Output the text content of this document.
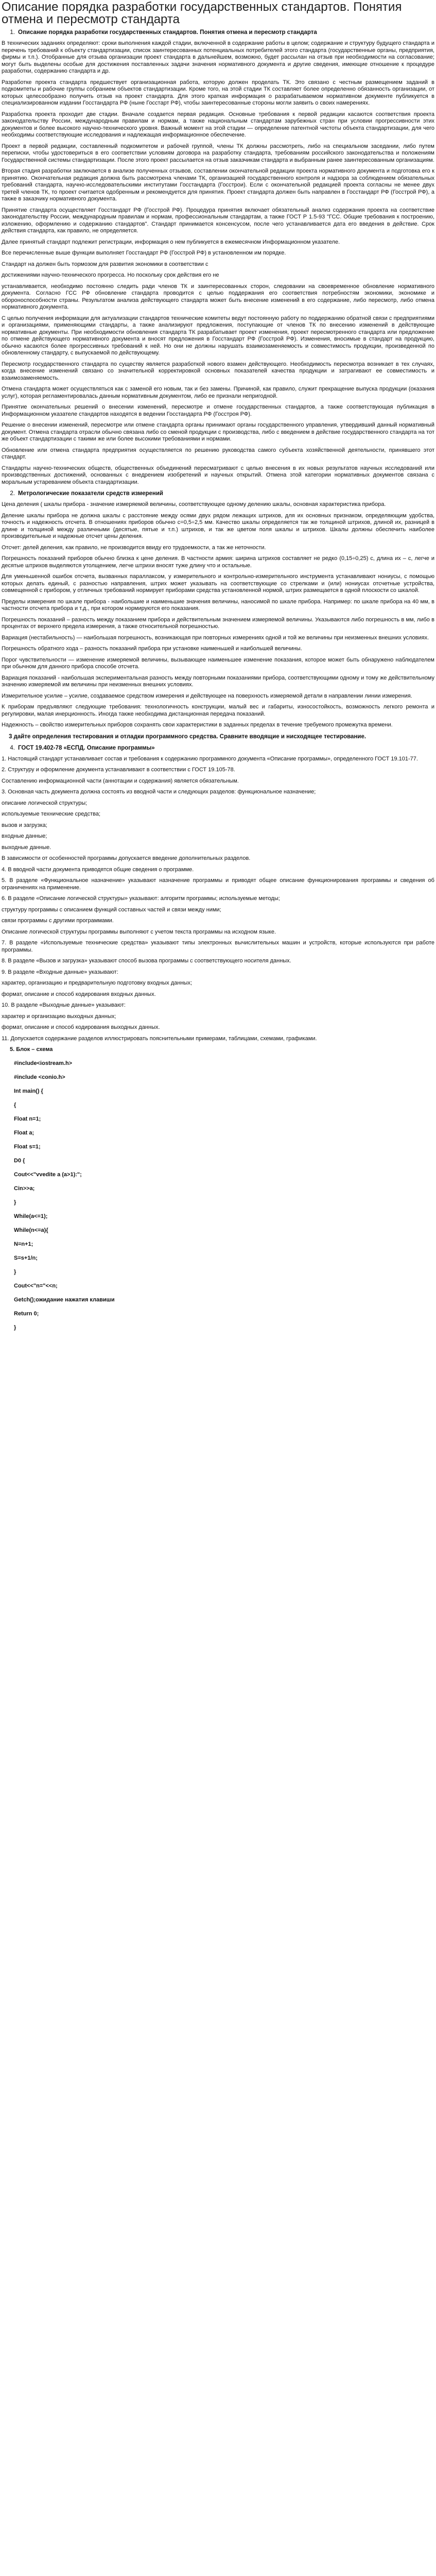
Описание порядка разработки государственных стандартов. Понятия отмена и пересмотр стандарта
1. Описание порядка разработки государственных стандартов. Понятия отмена и пересмотр стандарта

В технических заданиях определяют: сроки выполнения каждой стадии, включенной в содержание работы в целом; содержание и структуру будущего стандарта и перечень требований к объекту стандартизации, список заинтересованных потенциальных потребителей этого стандарта (государственные органы, предприятия, фирмы и т.п.). Отобранные для отзыва организации проект стандарта в дальнейшем, возможно, будет рассылан на отзыв при необходимости на согласование; могут быть выделены особые для достижения поставленных задачи значения нормативного документа и другие сведения, имеющие отношение к процедуре разработки, содержанию стандарта и др.

Разработке проекта стандарта предшествует организационная работа, которую должен проделать ТК. Это связано с честным размещением заданий в подкомитеты и рабочие группы собранием объектов стандартизации. Кроме того, на этой стадии ТК составляет более определенно обязанность организации, от которых целесообразно получить отзыв на проект стандарта. Для этого краткая информация о разрабатываемом нормативном документе публикуется в специализированном издании Госстандарта РФ (ныне Госстарт РФ), чтобы заинтересованные стороны могли заявить о своих намерениях.

Разработка проекта проходит две стадии. Вначале создается первая редакция. Основные требования к первой редакции касаются соответствия проекта законодательству России, международным правилам и нормам, а также национальным стандартам зарубежных стран при условии прогрессивности этих документов и более высокого научно-технического уровня. Важный момент на этой стадии — определение патентной чистоты объекта стандартизации, для чего необходимы соответствующие исследования и надлежащая информационное обеспечение.

Проект в первой редакции, составленный подкомитетом и рабочей группой, члены ТК должны рассмотреть, либо на специальном заседании, либо путем переписки, чтобы удостовериться в его соответствии условиям договора на разработку стандарта, требованиям российского законодательства и положениям Государственной системы стандартизации. После этого проект рассылается на отзыв заказчикам стандарта и выбранным ранее заинтересованным организациям.

Вторая стадия разработки заключается в анализе полученных отзывов, составлении окончательной редакции проекта нормативного документа и подготовка его к принятию. Окончательная редакция должна быть рассмотрена членами ТК, организацией государственного контроля и надзора за соблюдением обязательных требований стандарта, научно-исследовательскими институтами Госстандарта (Госстрои). Если с окончательной редакцией проекта согласны не менее двух третей членов ТК, то проект считается одобренным и рекомендуется для принятия. Проект стандарта должен быть направлен в Госстандарт РФ (Госстрой РФ), а также в заказчику нормативного документа.

Принятие стандарта осуществляет Госстандарт РФ (Госстрой РФ). Процедура принятия включает обязательный анализ содержания проекта на соответствие законодательству России, международным правилам и нормам, профессиональным стандартам, а также ГОСТ Р 1.5-93 "ГСС. Общие требования к построению, изложению, оформлению и содержанию стандартов". Стандарт принимается консенсусом, после чего устанавливается дата его введения в действие. Срок действия стандарта, как правило, не определяется.

Далее принятый стандарт подлежит регистрации, информация о нем публикуется в ежемесячном Информационном указателе.

Все перечисленные выше функции выполняет Госстандарт РФ (Госстрой РФ) в установленном им порядке.

Стандарт на должен быть тормозом для развития экономики в соответствии с

достижениями научно-технического прогресса. Но поскольку срок действия его не

устанавливается, необходимо постоянно следить ради членов ТК и заинтересованных сторон, следовании на своевременное обновление нормативного документа. Согласно ГСС РФ обновление стандарта проводится с целью поддержания его соответствия потребностям экономики, экономике и обороноспособности страны. Результатом анализа действующего стандарта может быть внесение изменений в его содержание, либо пересмотр, либо отмена нормативного документа.

С целью получения информации для актуализации стандартов технические комитеты ведут постоянную работу по поддержанию обратной связи с предприятиями и организациями, применяющими стандарты, а также анализируют предложения, поступающие от членов ТК по внесению изменений в действующие нормативные документы. При необходимости обновления стандарта ТК разрабатывает проект изменения, проект пересмотренного стандарта или предложение по отмене действующего нормативного документа и вносят предложения в Госстандарт РФ (Госстрой РФ). Изменения, вносимые в стандарт на продукцию, обычно касаются более прогрессивных требований к ней. Но они не должны нарушать взаимозаменяемость и совместимость продукции, произведенной по обновленному стандарту, с выпускаемой по действующему.

Пересмотр государственного стандарта по существу является разработкой нового взамен действующего. Необходимость пересмотра возникает в тех случаях, когда внесение изменений связано со значительной корректировкой основных показателей качества продукции и затрагивают ее совместимость и взаимозаменяемость.

Отмена стандарта может осуществляться как с заменой его новым, так и без замены. Причиной, как правило, служит прекращение выпуска продукции (оказания услуг), которая регламентировалась данным нормативным документом, либо ее признали непригодной.

Принятие окончательных решений о внесении изменений, пересмотре и отмене государственных стандартов, а также соответствующая публикация в Информационном указателе стандартов находятся в ведении Госстандарта РФ (Госстроя РФ).

Решение о внесении изменений, пересмотре или отмене стандарта органы принимают органы государственного управления, утвердивший данный нормативный документ. Отмена стандарта отрасли обычно связана либо со сменой продукции с производства, либо с введением в действие государственного стандарта на тот же объект стандартизации с такими же или более высокими требованиями и нормами.

Обновление или отмена стандарта предприятия осуществляется по решению руководства самого субъекта хозяйственной деятельности, принявшего этот стандарт.

Стандарты научно-технических обществ, общественных объединений пересматривают с целью внесения в их новых результатов научных исследований или производственных достижений, основанных с внедрением изобретений и научных открытий. Отмена этой категории нормативных документов связана с моральным устареванием объекта стандартизации.

2. Метрологические показатели средств измерений

Цена деления ( шкалы прибора - значение измеряемой величины, соответствующее одному делению шкалы, основная характеристика прибора.

Деление шкалы прибора не должна шкалы с расстояние между осями двух рядом лежащих штрихов, для их основных признаком, определяющим удобства, точность и надежность отсчета. В отношениях приборов обычно c=0,5÷2,5 мм. Качество шкалы определяется так же толщиной штрихов, длиной их, разницей в длине и толщиной между различными (десятые, пятые и т.п.) штрихов, и так же цветом поля шкалы и штрихов. Шкалы должны обеспечить наиболее производительные и надежные отсчет цены деления.

Отсчет: делей деления, как правило, не производится ввиду его трудоемкости, а так же неточности.

Погрешность показаний приборов обычно близка к цене деления. В частности армия: ширина штрихов составляет не редко (0,15÷0,25) с, длина их – с, легче и десятые штрихов выделяются утолщением, легче штрихи вносят туже длину что и остальные.

Для уменьшенной ошибок отсчета, вызванных параллаксом, у измерительного и контрольно-измерительного инструмента устанавливают нониусы, с помощью которых делать единый, с разностью направления, штрих может указывать на соответствующие со стрелками и (или) нониусах отсчетные устройства, совмещенной с прибором, у отличных требований нормирует приборами средства установленной нормой, штрих размещается в одной плоскости со шкалой.

Пределы измерения по шкале прибора - наибольшие и наименьшие значения величины, наносимой по шкале прибора. Например: по шкале прибора на 40 мм, в частности отсчета прибора и т.д., при котором нормируются его показания.

Погрешность показаний – разность между показанием прибора и действительным значением измеряемой величины. Указываются либо погрешность в мм, либо в процентах от верхнего предела измерения, а также относительной погрешностью.

Вариация (нестабильность) — наибольшая погрешность, возникающая при повторных измерениях одной и той же величины при неизменных внешних условиях.

Погрешность обратного хода – разность показаний прибора при установке наименьшей и наибольшей величины.

Порог чувствительности — изменение измеряемой величины, вызывающее наименьшее изменение показания, которое может быть обнаружено наблюдателем при обычном для данного прибора способе отсчета.

Вариация показаний - наибольшая экспериментальная разность между повторными показаниями прибора, соответствующими одному и тому же действительному значению измеряемой им величины при неизменных внешних условиях.

Измерительное усилие – усилие, создаваемое средством измерения и действующее на поверхность измеряемой детали в направлении линии измерения.

К приборам предъявляют следующие требования: технологичность конструкции, малый вес и габариты, износостойкость, возможность легкого ремонта и регулировки, малая инерционность. Иногда также необходима дистанционная передача показаний.

Надежность – свойство измерительных приборов сохранять свои характеристики в заданных пределах в течение требуемого промежутка времени.

3 дайте определения тестирования и отладки программного средства. Сравните вводящие и нисходящее тестирование.
4. ГОСТ 19.402-78 «ЕСПД. Описание программы»

1. Настоящий стандарт устанавливает состав и требования к содержанию программного документа «Описание программы», определенного ГОСТ 19.101-77.

2. Структуру и оформление документа устанавливают в соответствии с ГОСТ 19.105-78.

Составлению информационной части (аннотации и содержания) является обязательным.

3. Основная часть документа должна состоять из вводной части и следующих разделов: функциональное назначение;

описание логической структуры;

используемые технические средства;

вызов и загрузка;

входные данные;

выходные данные.

В зависимости от особенностей программы допускается введение дополнительных разделов.

4. В вводной части документа приводятся общие сведения о программе.

5. В разделе «Функциональное назначение» указывают назначение программы и приводят общее описание функционирования программы и сведения об ограничениях на применение.

6. В разделе «Описание логической структуры» указывают: алгоритм программы; используемые методы;

структуру программы с описанием функций составных частей и связи между ними;

связи программы с другими программами.

Описание логической структуры программы выполняют с учетом текста программы на исходном языке.

7. В разделе «Используемые технические средства» указывают типы электронных вычислительных машин и устройств, которые используются при работе программы.

8. В разделе «Вызов и загрузка» указывают способ вызова программы с соответствующего носителя данных.

9. В разделе «Входные данные» указывают:

характер, организацию и предварительную подготовку входных данных;

формат, описание и способ кодирования входных данных.

10. В разделе «Выходные данные» указывают:

характер и организацию выходных данных;

формат, описание и способ кодирования выходных данных.

11. Допускается содержание разделов иллюстрировать пояснительными примерами, таблицами, схемами, графиками.

5. Блок – схема
#include<iostream.h>
#include <conio.h>
Int main() {
{
Float n=1;
Float a;
Float s=1;
D0 {
Cout<<"vvedite a (a>1):";
Cin>>a;
}
While(a<=1);
While(n<=a){
N=n+1;
S=s+1/n;
}
Cout<<"n="<<n;
Getch();ожидание нажатия клавиши
Return 0;
}
